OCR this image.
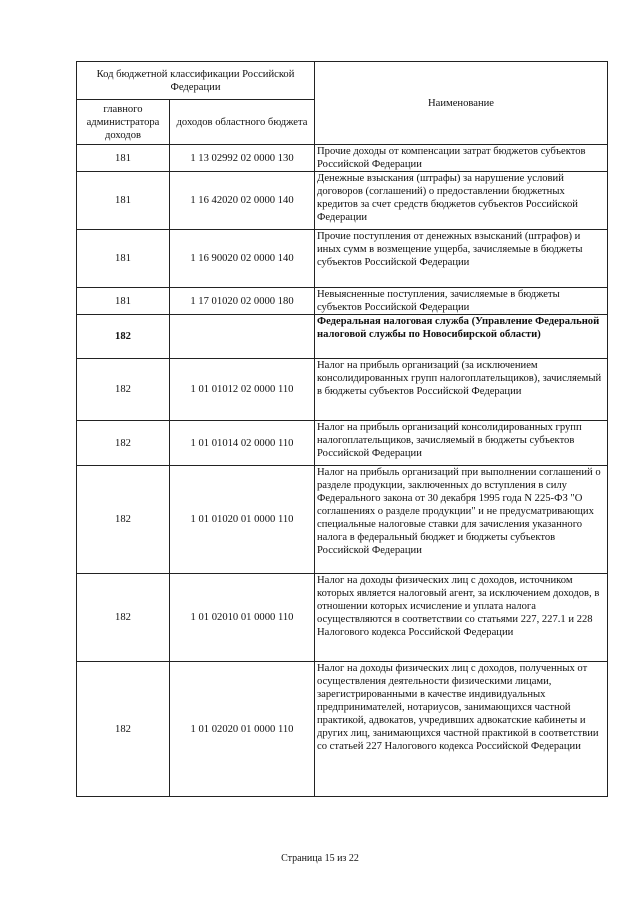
Код бюджетной классификации Российской Федерации		Наименование
главного администратора доходов	доходов областного бюджета	
181	1 13 02992 02 0000 130	Прочие доходы от компенсации затрат бюджетов субъектов Российской Федерации
181	1 16 42020 02 0000 140	Денежные взыскания (штрафы) за нарушение условий договоров (соглашений) о предоставлении бюджетных кредитов за счет средств бюджетов субъектов Российской Федерации
181	1 16 90020 02 0000 140	Прочие поступления от денежных взысканий (штрафов) и иных сумм в возмещение ущерба, зачисляемые в бюджеты субъектов Российской Федерации
181	1 17 01020 02 0000 180	Невыясненные поступления, зачисляемые в бюджеты субъектов Российской Федерации
182		Федеральная налоговая служба (Управление Федеральной налоговой службы по Новосибирской области)
182	1 01 01012 02 0000 110	Налог на прибыль организаций (за исключением консолидированных групп налогоплательщиков), зачисляемый в бюджеты субъектов Российской Федерации
182	1 01 01014 02 0000 110	Налог на прибыль организаций консолидированных групп налогоплательщиков, зачисляемый в бюджеты субъектов Российской Федерации
182	1 01 01020 01 0000 110	Налог на прибыль организаций при выполнении соглашений о разделе продукции, заключенных до вступления в силу Федерального закона от 30 декабря 1995 года N 225-ФЗ "О соглашениях о разделе продукции" и не предусматривающих специальные налоговые ставки для зачисления указанного налога в федеральный бюджет и бюджеты субъектов Российской Федерации
182	1 01 02010 01 0000 110	Налог на доходы физических лиц с доходов, источником которых является налоговый агент, за исключением доходов, в отношении которых исчисление и уплата налога осуществляются в соответствии со статьями 227, 227.1 и 228 Налогового кодекса Российской Федерации
182	1 01 02020 01 0000 110	Налог на доходы физических лиц с доходов, полученных от осуществления деятельности физическими лицами, зарегистрированными в качестве индивидуальных предпринимателей, нотариусов, занимающихся частной практикой, адвокатов, учредивших адвокатские кабинеты и других лиц, занимающихся частной практикой в соответствии со статьей 227 Налогового кодекса Российской Федерации
Страница 15 из 22
